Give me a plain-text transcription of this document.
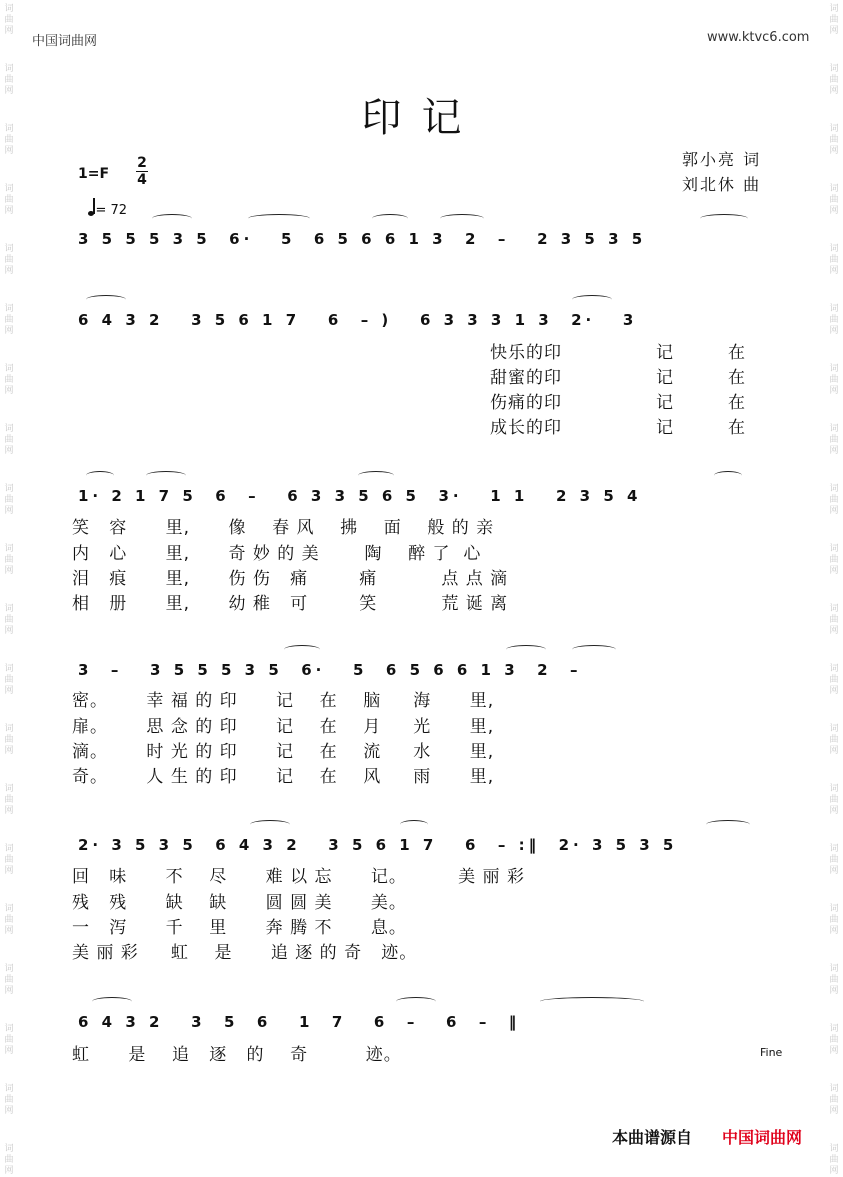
词
曲
网
词
曲
网
词
曲
网
词
曲
网
词
曲
网
词
曲
网
词
曲
网
词
曲
网
词
曲
网
词
曲
网
词
曲
网
词
曲
网
词
曲
网
词
曲
网
词
曲
网
词
曲
网
词
曲
网
词
曲
网
词
曲
网
词
曲
网
词
曲
网
词
曲
网
词
曲
网
词
曲
网
词
曲
网
词
曲
网
词
曲
网
词
曲
网
词
曲
网
词
曲
网
词
曲
网
词
曲
网
词
曲
网
词
曲
网
词
曲
网
词
曲
网
词
曲
网
词
曲
网
词
曲
网
词
曲
网
中国词曲网	www.ktvc6.com
印记
郭小亮 词
刘北休 曲
1=F
2
4
= 72
3 5 5 5 3 5  6·   5  6 5 6 6 1 3  2  –   2 3 5 3 5
6 4 3 2   3 5 6 1 7   6  – )   6 3 3 3 1 3  2·   3
快乐的印
甜蜜的印
伤痛的印
成长的印
记
记
记
记
在
在
在
在
1· 2 1 7 5  6  –   6 3 3 5 6 5  3·   1 1   2 3 5 4
笑   容      里,      像    春 风    拂    面    般 的 亲
内   心      里,      奇 妙 的 美       陶    醉 了  心
泪   痕      里,      伤 伤   痛        痛          点 点 滴
相   册      里,      幼 稚   可        笑          荒 诞 离
3  –   3 5 5 5 3 5  6·   5  6 5 6 6 1 3  2  –
密。      幸 福 的 印      记    在    脑     海      里,
扉。      思 念 的 印      记    在    月     光      里,
滴。      时 光 的 印      记    在    流     水      里,
奇。      人 生 的 印      记    在    风     雨      里,
2· 3 5 3 5  6 4 3 2   3 5 6 1 7   6  – :‖  2· 3 5 3 5
回   味      不    尽      难 以 忘      记。        美 丽 彩
残   残      缺    缺      圆 圆 美      美。
一   泻      千    里      奔 腾 不      息。
美 丽 彩     虹    是      追 逐 的 奇   迹。
6 4 3 2   3  5  6   1  7   6  –   6  –  ‖
虹      是    追   逐   的    奇         迹。	Fine
本曲谱源自 中国词曲网
